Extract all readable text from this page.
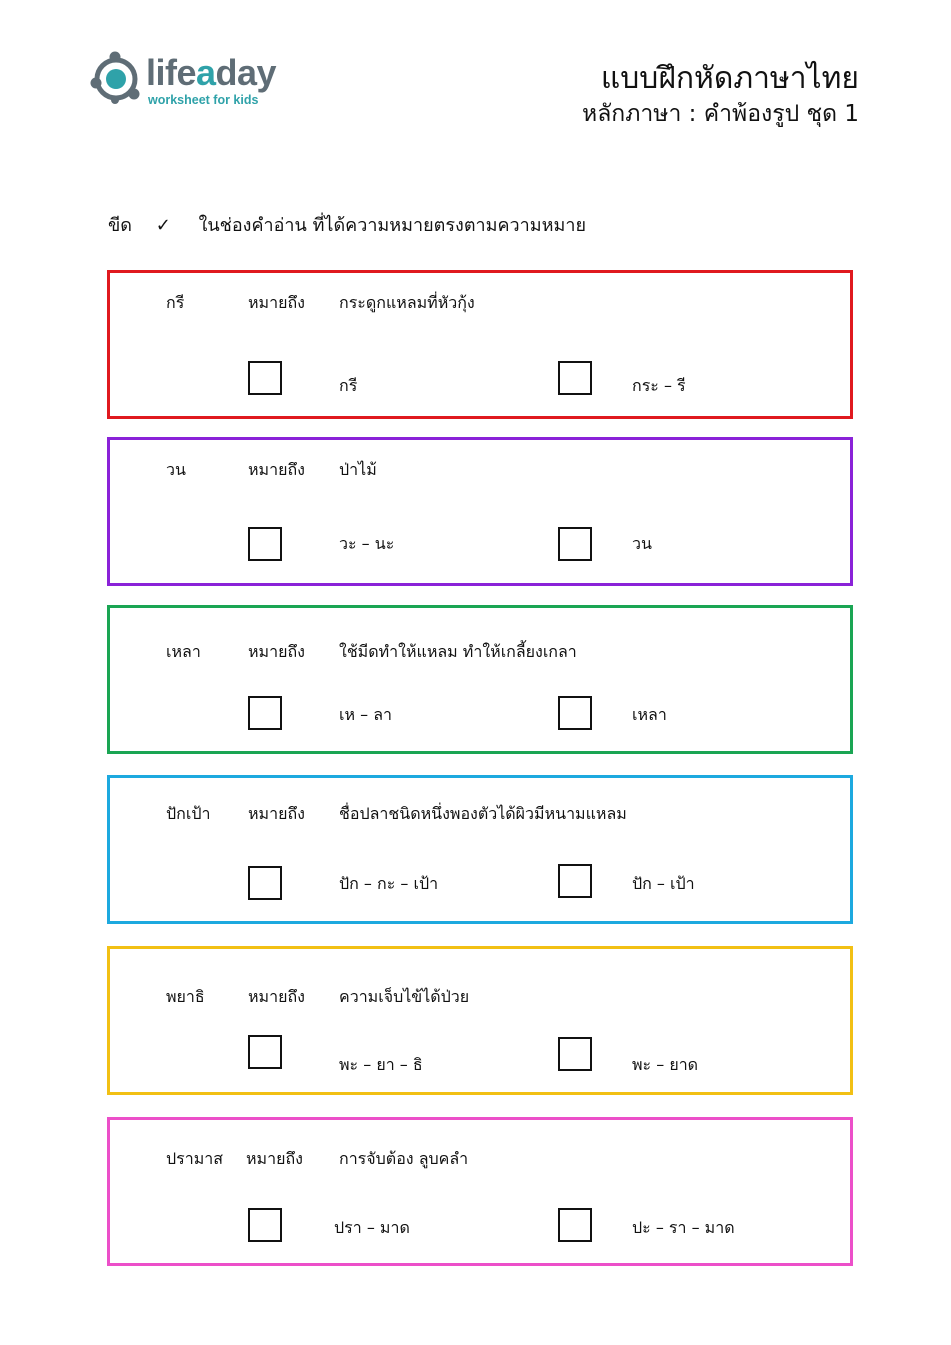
lifeaday
worksheet for kids
แบบฝึกหัดภาษาไทย
หลักภาษา : คำพ้องรูป ชุด 1
ขีด ✓ ในช่องคำอ่าน ที่ได้ความหมายตรงตามความหมาย
กรี	หมายถึง กระดูกแหลมที่หัวกุ้ง
กรี	กระ – รี
วน	หมายถึง ป่าไม้
วะ – นะ	วน
เหลา	หมายถึง ใช้มีดทำให้แหลม ทำให้เกลี้ยงเกลา
เห – ลา	เหลา
ปักเป้า หมายถึง ชื่อปลาชนิดหนึ่งพองตัวได้ผิวมีหนามแหลม
ปัก – กะ – เป้า	ปัก – เป้า
พยาธิ	หมายถึง ความเจ็บไข้ได้ป่วย
พะ – ยา – ธิ	พะ – ยาด
ปรามาส หมายถึง การจับต้อง ลูบคลำ
ปรา – มาด	ปะ – รา – มาด
